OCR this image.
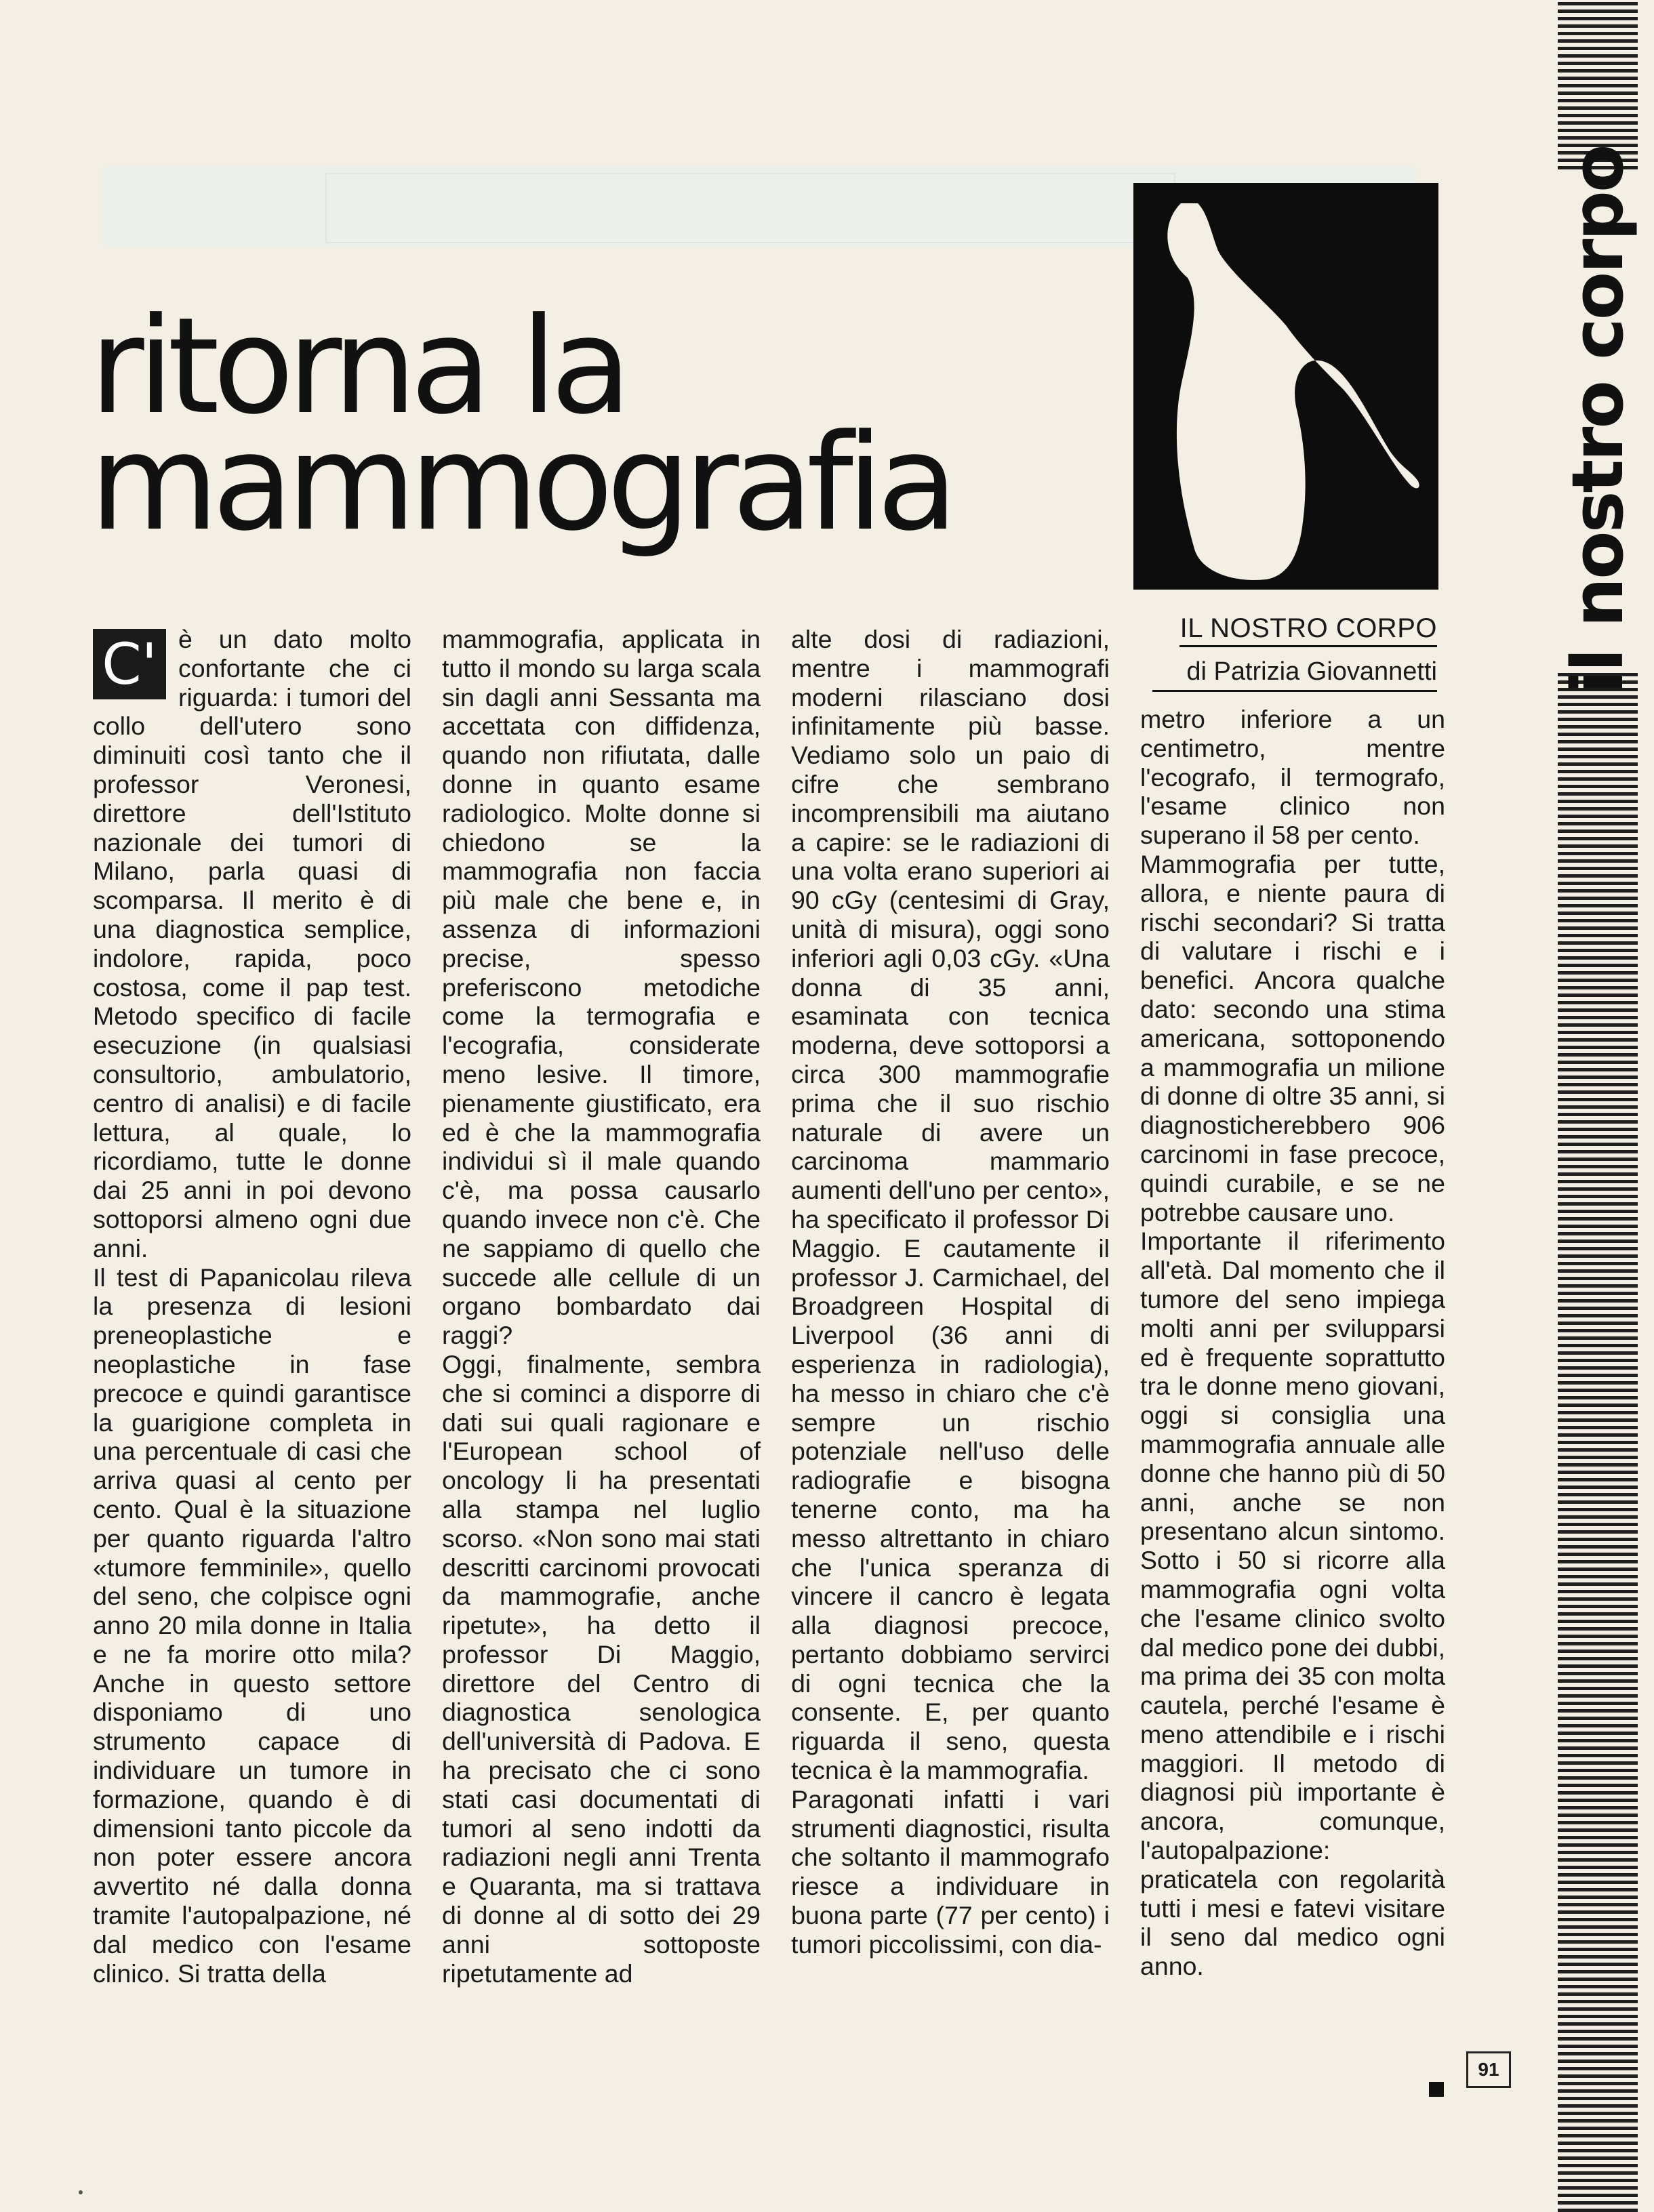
il nostro corpo
ritorna la
mammografia
IL NOSTRO CORPO
di Patrizia Giovannetti
C' è un dato molto confortante che ci riguarda: i tumori del collo dell'utero sono diminuiti così tanto che il professor Veronesi, direttore dell'Istituto nazionale dei tumori di Milano, parla quasi di scomparsa. Il merito è di una diagnostica semplice, indolore, rapida, poco costosa, come il pap test. Metodo specifico di facile esecuzione (in qualsiasi consultorio, ambulatorio, centro di analisi) e di facile lettura, al quale, lo ricordiamo, tutte le donne dai 25 anni in poi devono sottoporsi almeno ogni due anni.

Il test di Papanicolau rileva la presenza di lesioni preneoplastiche e neoplastiche in fase precoce e quindi garantisce la guarigione completa in una percentuale di casi che arriva quasi al cento per cento. Qual è la situazione per quanto riguarda l'altro «tumore femminile», quello del seno, che colpisce ogni anno 20 mila donne in Italia e ne fa morire otto mila? Anche in questo settore disponiamo di uno strumento capace di individuare un tumore in formazione, quando è di dimensioni tanto piccole da non poter essere ancora avvertito né dalla donna tramite l'autopalpazione, né dal medico con l'esame clinico. Si tratta della

mammografia, applicata in tutto il mondo su larga scala sin dagli anni Sessanta ma accettata con diffidenza, quando non rifiutata, dalle donne in quanto esame radiologico. Molte donne si chiedono se la mammografia non faccia più male che bene e, in assenza di informazioni precise, spesso preferiscono metodiche come la termografia e l'ecografia, considerate meno lesive. Il timore, pienamente giustificato, era ed è che la mammografia individui sì il male quando c'è, ma possa causarlo quando invece non c'è. Che ne sappiamo di quello che succede alle cellule di un organo bombardato dai raggi?

Oggi, finalmente, sembra che si cominci a disporre di dati sui quali ragionare e l'European school of oncology li ha presentati alla stampa nel luglio scorso. «Non sono mai stati descritti carcinomi provocati da mammografie, anche ripetute», ha detto il professor Di Maggio, direttore del Centro di diagnostica senologica dell'università di Padova. E ha precisato che ci sono stati casi documentati di tumori al seno indotti da radiazioni negli anni Trenta e Quaranta, ma si trattava di donne al di sotto dei 29 anni sottoposte ripetutamente ad

alte dosi di radiazioni, mentre i mammografi moderni rilasciano dosi infinitamente più basse. Vediamo solo un paio di cifre che sembrano incomprensibili ma aiutano a capire: se le radiazioni di una volta erano superiori ai 90 cGy (centesimi di Gray, unità di misura), oggi sono inferiori agli 0,03 cGy. «Una donna di 35 anni, esaminata con tecnica moderna, deve sottoporsi a circa 300 mammografie prima che il suo rischio naturale di avere un carcinoma mammario aumenti dell'uno per cento», ha specificato il professor Di Maggio. E cautamente il professor J. Carmichael, del Broadgreen Hospital di Liverpool (36 anni di esperienza in radiologia), ha messo in chiaro che c'è sempre un rischio potenziale nell'uso delle radiografie e bisogna tenerne conto, ma ha messo altrettanto in chiaro che l'unica speranza di vincere il cancro è legata alla diagnosi precoce, pertanto dobbiamo servirci di ogni tecnica che la consente. E, per quanto riguarda il seno, questa tecnica è la mammografia.

Paragonati infatti i vari strumenti diagnostici, risulta che soltanto il mammografo riesce a individuare in buona parte (77 per cento) i tumori piccolissimi, con dia-

metro inferiore a un centimetro, mentre l'ecografo, il termografo, l'esame clinico non superano il 58 per cento.

Mammografia per tutte, allora, e niente paura di rischi secondari? Si tratta di valutare i rischi e i benefici. Ancora qualche dato: secondo una stima americana, sottoponendo a mammografia un milione di donne di oltre 35 anni, si diagnosticherebbero 906 carcinomi in fase precoce, quindi curabile, e se ne potrebbe causare uno.

Importante il riferimento all'età. Dal momento che il tumore del seno impiega molti anni per svilupparsi ed è frequente soprattutto tra le donne meno giovani, oggi si consiglia una mammografia annuale alle donne che hanno più di 50 anni, anche se non presentano alcun sintomo. Sotto i 50 si ricorre alla mammografia ogni volta che l'esame clinico svolto dal medico pone dei dubbi, ma prima dei 35 con molta cautela, perché l'esame è meno attendibile e i rischi maggiori. Il metodo di diagnosi più importante è ancora, comunque, l'autopalpazione: praticatela con regolarità tutti i mesi e fatevi visitare il seno dal medico ogni anno.

91
